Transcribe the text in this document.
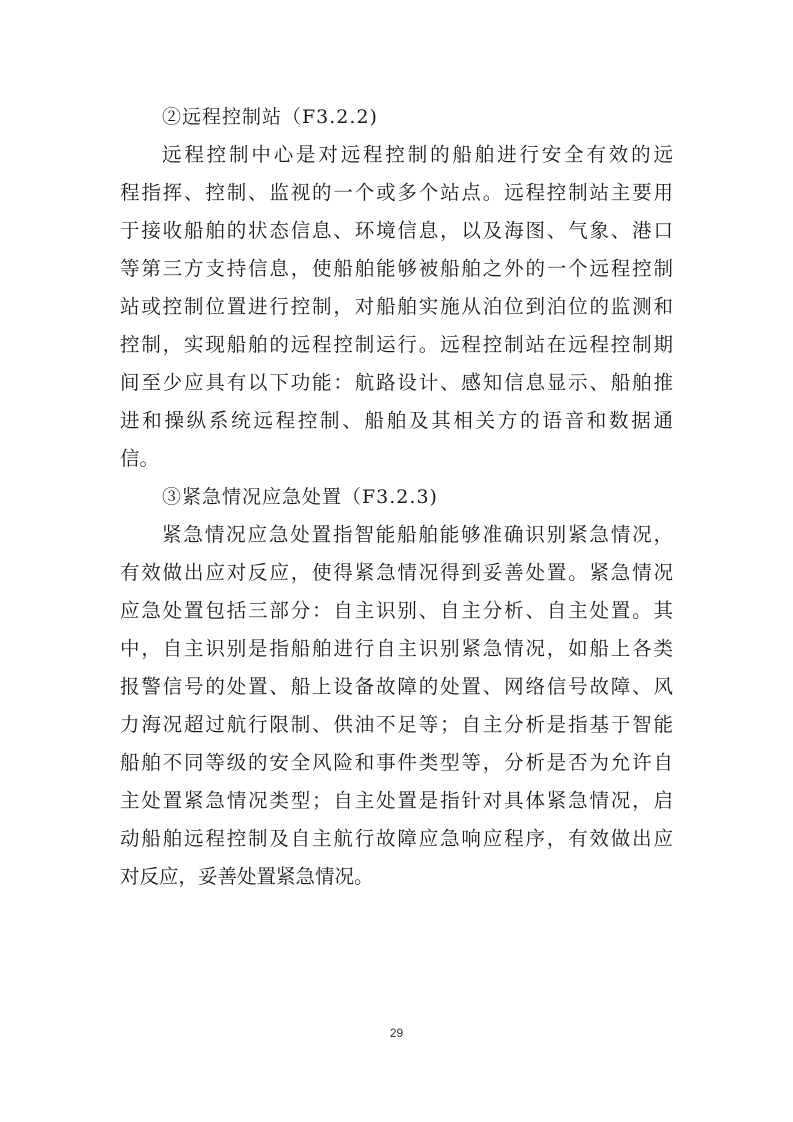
②远程控制站（F3.2.2)
远程控制中心是对远程控制的船舶进行安全有效的远
程指挥、控制、监视的一个或多个站点。远程控制站主要用
于接收船舶的状态信息、环境信息，以及海图、气象、港口
等第三方支持信息，使船舶能够被船舶之外的一个远程控制
站或控制位置进行控制，对船舶实施从泊位到泊位的监测和
控制，实现船舶的远程控制运行。远程控制站在远程控制期
间至少应具有以下功能：航路设计、感知信息显示、船舶推
进和操纵系统远程控制、船舶及其相关方的语音和数据通
信。
③紧急情况应急处置（F3.2.3)
紧急情况应急处置指智能船舶能够准确识别紧急情况，
有效做出应对反应，使得紧急情况得到妥善处置。紧急情况
应急处置包括三部分：自主识别、自主分析、自主处置。其
中，自主识别是指船舶进行自主识别紧急情况，如船上各类
报警信号的处置、船上设备故障的处置、网络信号故障、风
力海况超过航行限制、供油不足等；自主分析是指基于智能
船舶不同等级的安全风险和事件类型等，分析是否为允许自
主处置紧急情况类型；自主处置是指针对具体紧急情况，启
动船舶远程控制及自主航行故障应急响应程序，有效做出应
对反应，妥善处置紧急情况。
29
